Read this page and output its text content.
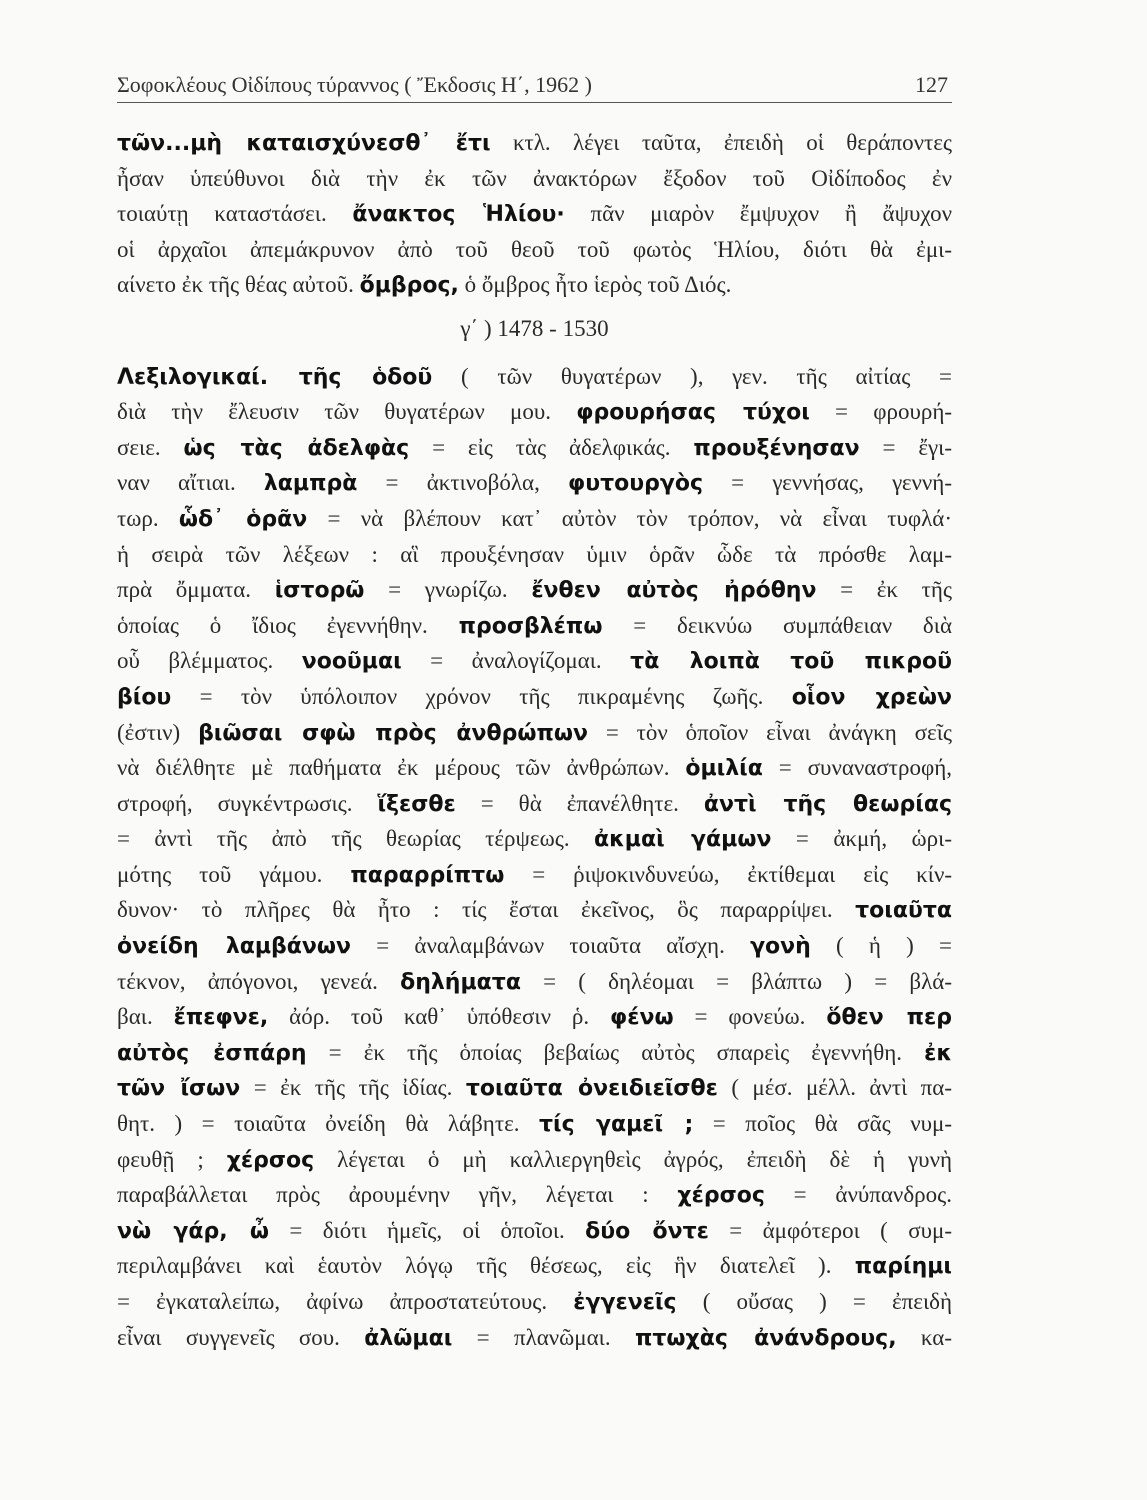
Σοφοκλέους Οἰδίπους τύραννος ( Ἔκδοσις Η΄, 1962 )	127
τῶν...μὴ καταισχύνεσθ᾽ ἔτι κτλ. λέγει ταῦτα, ἐπειδὴ οἱ θεράποντες
ἦσαν ὑπεύθυνοι διὰ τὴν ἐκ τῶν ἀνακτόρων ἔξοδον τοῦ Οἰδίποδος ἐν
τοιαύτῃ καταστάσει. ἄνακτος Ἡλίου· πᾶν μιαρὸν ἔμψυχον ἢ ἄψυχον
οἱ ἀρχαῖοι ἀπεμάκρυνον ἀπὸ τοῦ θεοῦ τοῦ φωτὸς Ἡλίου, διότι θὰ ἐμι-
αίνετο ἐκ τῆς θέας αὐτοῦ. ὄμβρος, ὁ ὄμβρος ἦτο ἱερὸς τοῦ Διός.
γ΄ ) 1478 - 1530
Λεξιλογικαί. τῆς ὁδοῦ ( τῶν θυγατέρων ), γεν. τῆς αἰτίας =
διὰ τὴν ἔλευσιν τῶν θυγατέρων μου. φρουρήσας τύχοι = φρουρή-
σειε. ὡς τὰς ἀδελφὰς = εἰς τὰς ἀδελφικάς. προυξένησαν = ἔγι-
ναν αἴτιαι. λαμπρὰ = ἀκτινοβόλα, φυτουργὸς = γεννήσας, γεννή-
τωρ. ὧδ᾽ ὁρᾶν = νὰ βλέπουν κατ᾽ αὐτὸν τὸν τρόπον, νὰ εἶναι τυφλά·
ἡ σειρὰ τῶν λέξεων : αἳ προυξένησαν ὑμιν ὁρᾶν ὧδε τὰ πρόσθε λαμ-
πρὰ ὄμματα. ἱστορῶ = γνωρίζω. ἔνθεν αὐτὸς ἠρόθην = ἐκ τῆς
ὁποίας ὁ ἴδιος ἐγεννήθην. προσβλέπω = δεικνύω συμπάθειαν διὰ
οὗ βλέμματος. νοοῦμαι = ἀναλογίζομαι. τὰ λοιπὰ τοῦ πικροῦ
βίου = τὸν ὑπόλοιπον χρόνον τῆς πικραμένης ζωῆς. οἷον χρεὼν
(ἐστιν) βιῶσαι σφὼ πρὸς ἀνθρώπων = τὸν ὁποῖον εἶναι ἀνάγκη σεῖς
νὰ διέλθητε μὲ παθήματα ἐκ μέρους τῶν ἀνθρώπων. ὁμιλία = συναναστροφή,
στροφή, συγκέντρωσις. ἵξεσθε = θὰ ἐπανέλθητε. ἀντὶ τῆς θεωρίας
= ἀντὶ τῆς ἀπὸ τῆς θεωρίας τέρψεως. ἀκμαὶ γάμων = ἀκμή, ὡρι-
μότης τοῦ γάμου. παραρρίπτω = ῥιψοκινδυνεύω, ἐκτίθεμαι εἰς κίν-
δυνον· τὸ πλῆρες θὰ ἦτο : τίς ἔσται ἐκεῖνος, ὃς παραρρίψει. τοιαῦτα
ὀνείδη λαμβάνων = ἀναλαμβάνων τοιαῦτα αἴσχη. γονὴ ( ἡ ) =
τέκνον, ἀπόγονοι, γενεά. δηλήματα = ( δηλέομαι = βλάπτω ) = βλά-
βαι. ἔπεφνε, ἀόρ. τοῦ καθ᾽ ὑπόθεσιν ῥ. φένω = φονεύω. ὅθεν περ
αὐτὸς ἐσπάρη = ἐκ τῆς ὁποίας βεβαίως αὐτὸς σπαρεὶς ἐγεννήθη. ἐκ
τῶν ἴσων = ἐκ τῆς τῆς ἰδίας. τοιαῦτα ὀνειδιεῖσθε ( μέσ. μέλλ. ἀντὶ πα-
θητ. ) = τοιαῦτα ὀνείδη θὰ λάβητε. τίς γαμεῖ ; = ποῖος θὰ σᾶς νυμ-
φευθῇ ; χέρσος λέγεται ὁ μὴ καλλιεργηθεὶς ἀγρός, ἐπειδὴ δὲ ἡ γυνὴ
παραβάλλεται πρὸς ἀρουμένην γῆν, λέγεται : χέρσος = ἀνύπανδρος.
νὼ γάρ, ὦ = διότι ἡμεῖς, οἱ ὁποῖοι. δύο ὄντε = ἀμφότεροι ( συμ-
περιλαμβάνει καὶ ἑαυτὸν λόγῳ τῆς θέσεως, εἰς ἣν διατελεῖ ). παρίημι
= ἐγκαταλείπω, ἀφίνω ἀπροστατεύτους. ἐγγενεῖς ( οὔσας ) = ἐπειδὴ
εἶναι συγγενεῖς σου. ἀλῶμαι = πλανῶμαι. πτωχὰς ἀνάνδρους, κα-
